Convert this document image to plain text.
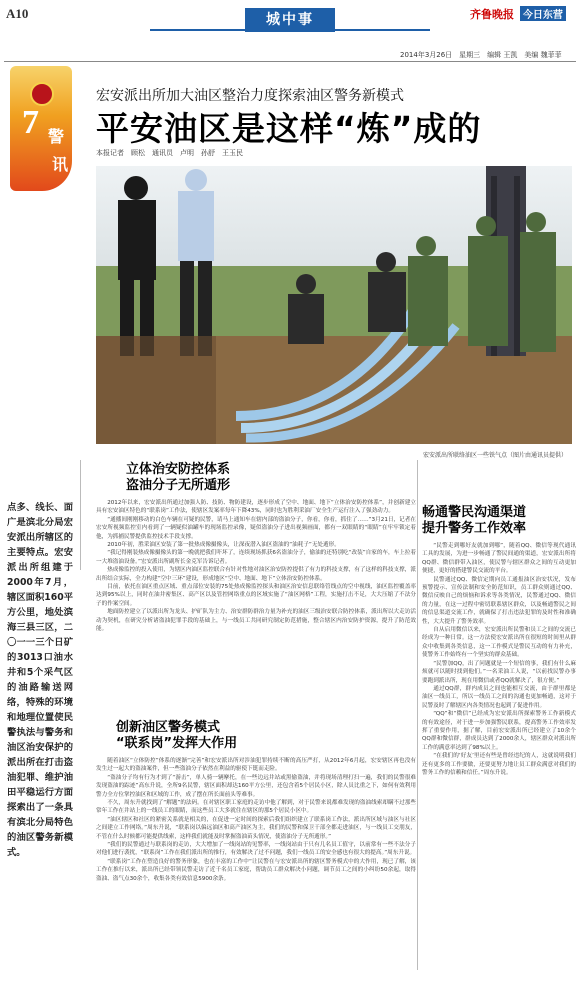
A10	城中事	齐鲁晚报 今日东营
2014年3月26日　星期三　编辑 王凯　美编 魏菲菲　
7 警
讯
宏安派出所加大油区整治力度探索油区警务新模式
平安油区是这样“炼”成的
本报记者　顾松　通讯员　卢明　孙舒　王玉民
宏安派出所联络油区一些铁气点（图片由通讯员提供）
点多、线长、面广是滨北分局宏安派出所辖区的主要特点。宏安派出所组建于2000年7月，辖区面积160平方公里，地处滨海三县三区，二〇一一三个日矿的3013口油水井和5个采气区的油路输送网络，特殊的环境和地理位置使民警执法与警务和油区治安保护的派出所在打击盗油犯罪、维护油田平稳运行方面探索出了一条具有滨北分局特色的油区警务新模式。
立体治安防控体系
盗油分子无所遁形

2012年以来，宏安派出所通过加强人防、技防、物防建设，逐步形成了空中、地面、地下“立体治安防控体系”，并创新建立具有宏安油区特色的“联系岗”工作法，使辖区发案率每年下降43%，同时也为胜利采油厂安全生产运行注入了强劲动力。

“通播间刚刚移动的白色车辆在可疑的民警，请马上通知车在辖内部的盗油分子，你看，你看，抓住了……”3月21日，记者在宏安所视频监控室内看到了一辆疑似油罐车的现场监控录像，疑似盗油分子进出视频画面，都有一双眼睛的“眼睛”在牢牢锁定着他，为抓捕民警提供监控技术手段支撑。

2010年初，胜采油区安装了第一批热成像摄像头，让深夜潜入油区盗油的“油耗子”无处遁形。

“我记得刚装热成像摄像头的第一晚就把我们吓坏了，连续现场抓获6名盗油分子，偷油的还特别吃“改装”自家的车，车上拉着一大堆盗油设备。”宏安派出所副所长金克军告诉记者。

热成像监控的投入使用，为辖区内油区监控联合有针对性地对油区治安防控提供了有力的科技支撑，有了这样的科技支撑，派出所结合实际，全力构建“空中三环”建设，形成地区“空中、地面、地下”立体治安防控体系。

目前，依托在油区重点区域、重点部位安装的75处热成像监控探头和油区治安信息联络管线点的空中视线，油区监控覆盖率达到95%以上，同时在油井密集区、高产区以及管控网络重点的区域实施了“油区网格”工程，实施打击不足，大大压缩了不法分子的作案空间。

地面防控建立了以派出所为龙头、护矿队为主力、治安群防群治力量为补充的油区三级治安联合防控体系，派出所以大走访活动为契机，在研究分析诸盗油犯罪手段的基础上，与一线员工共同研究制定防范措施，整合辖区内治安防护资源，提升了防范效能。

创新油区警务模式
“联系岗”发挥大作用

随着油区“立体防控”体系的逐渐“完善”和宏安派出所对涉油犯罪持续不断的高压严打，从2012年6月起，宏安辖区再也没有发生过一起大的盗油案件，但一些盗油分子依然在利益的驱使下铤而走险。

“盗油分子均有行为才到了“游击”，单人骑一辆摩托，在一些边远井站或黑偷盗油，并将现场清理打扫一遍，我们的民警很难发现盗油的踪迹”高东升说，全所9名民警，辖区面积却达160平方公里，还包含着5个居民小区，除人员比重之下，如何有效利用警力全方位掌控油区和区域的工作，成了摆在所长面前头等难事。

不久，周东升就找到了“解题”的法码。在对辖区职工家庭的走访中他了解到，对于民警来说都难发现的盗油线索却瞒不过那些常年工作在井站上的一线员工的眼睛，而这些员工大多就住在辖区的那5个居民小区中。

“油区辖区和社区的紧密关系就是相关的，在促进一定时间的探索后我们组织建立了联系岗工作法，派出所区域与油区与社区之间建立工作网络。”周东升说，“联系岗以偏远油区和高产油区为主，我们的民警和保卫干部全都走进油区，与一线员工交朋友，不管在什么时候都可能提供线索，这样我们就能及时掌握盗油苗头情况，使盗油分子无所遁形。”

“我们的民警通过与联系岗的走访，大大增加了一线岗站的见警率，一线岗站由于只有几名员工值守，以前常有一些不法分子对他们进行袭扰，“联系岗”工作在我们派出所的推行，有效解决了过不问题，我们一线员工的安全感也有很大的提高。”周东升说。

“联系岗”工作在塑造良好的警务形象，也在丰富的工作中“让民警在与宏安派出所的辖区警务模式中的大作用，现已了解，该工作在推行以来，派出所已经带领民警走访了近千名员工家庭，帮助员工群众解决小问题，调节员工之间的小纠纷50余起，取得盗油、盗气点30余个，收集各类有效信息5900余条。

畅通警民沟通渠道
提升警务工作效率

“民警走到哪好友就加到哪”，随着QQ、微信等现代通讯工具的发展，为进一步畅通了警民间通的渠道，宏安派出所将QQ群、微信群带入油区，使民警与辖区群众之间的互动更加便捷，更好的搭建警民交流的平台。

民警通过QQ、微信定期向员工通报油区治安状况，发布预警提示、宣传法制和安全防范知识，员工群众则通过QQ、微信反映自己的烦恼和诉求等各类情况，民警通过QQ、微信的力量，在这一过程中密切联系辖区群众，以及畅通警民之间的信息渠道交流工作，就确保了打击违法犯罪的及时性和准确性，大大提升了警务效率。

自从启用微信以来，宏安派出所民警和员工之间的交流已经成为一种日常。这一方法使宏安派出所在很短的时间里从群众中收集到各类信息，这一工作模式是警民互动的有力补充，使警务工作始终有一个坚实的群众基础。

“民警加QQ，出了问题就是一个短信的事，我们有什么麻烦就可以随时找到他们。”一名采油工人说，“以前找民警办事要跑到派出所，现在用微信或者QQ就解决了，很方便。”

通过QQ群，群内成员之间也能相互交流，由于群里都是油区一线员工，所以一线员工之间的沟通也更加畅通，这对于民警及时了解辖区内各类情况也起到了促进作用。

“QQ”和“微信”已经成为宏安派出所探索警务工作新模式的有效途径，对于进一步加强警民联系，提高警务工作效率发挥了重要作用，据了解，目前宏安派出所已经建立了10余个QQ群和微信群，群成员达到了2000余人，辖区群众对派出所工作的满意率达到了98%以上。

“在我们的‘好友’里还有些是曾经违纪的人，这就说明我们还有更多的工作要做，还要更努力地让员工群众满意对我们的警务工作的信赖和信任。”周东升说。
